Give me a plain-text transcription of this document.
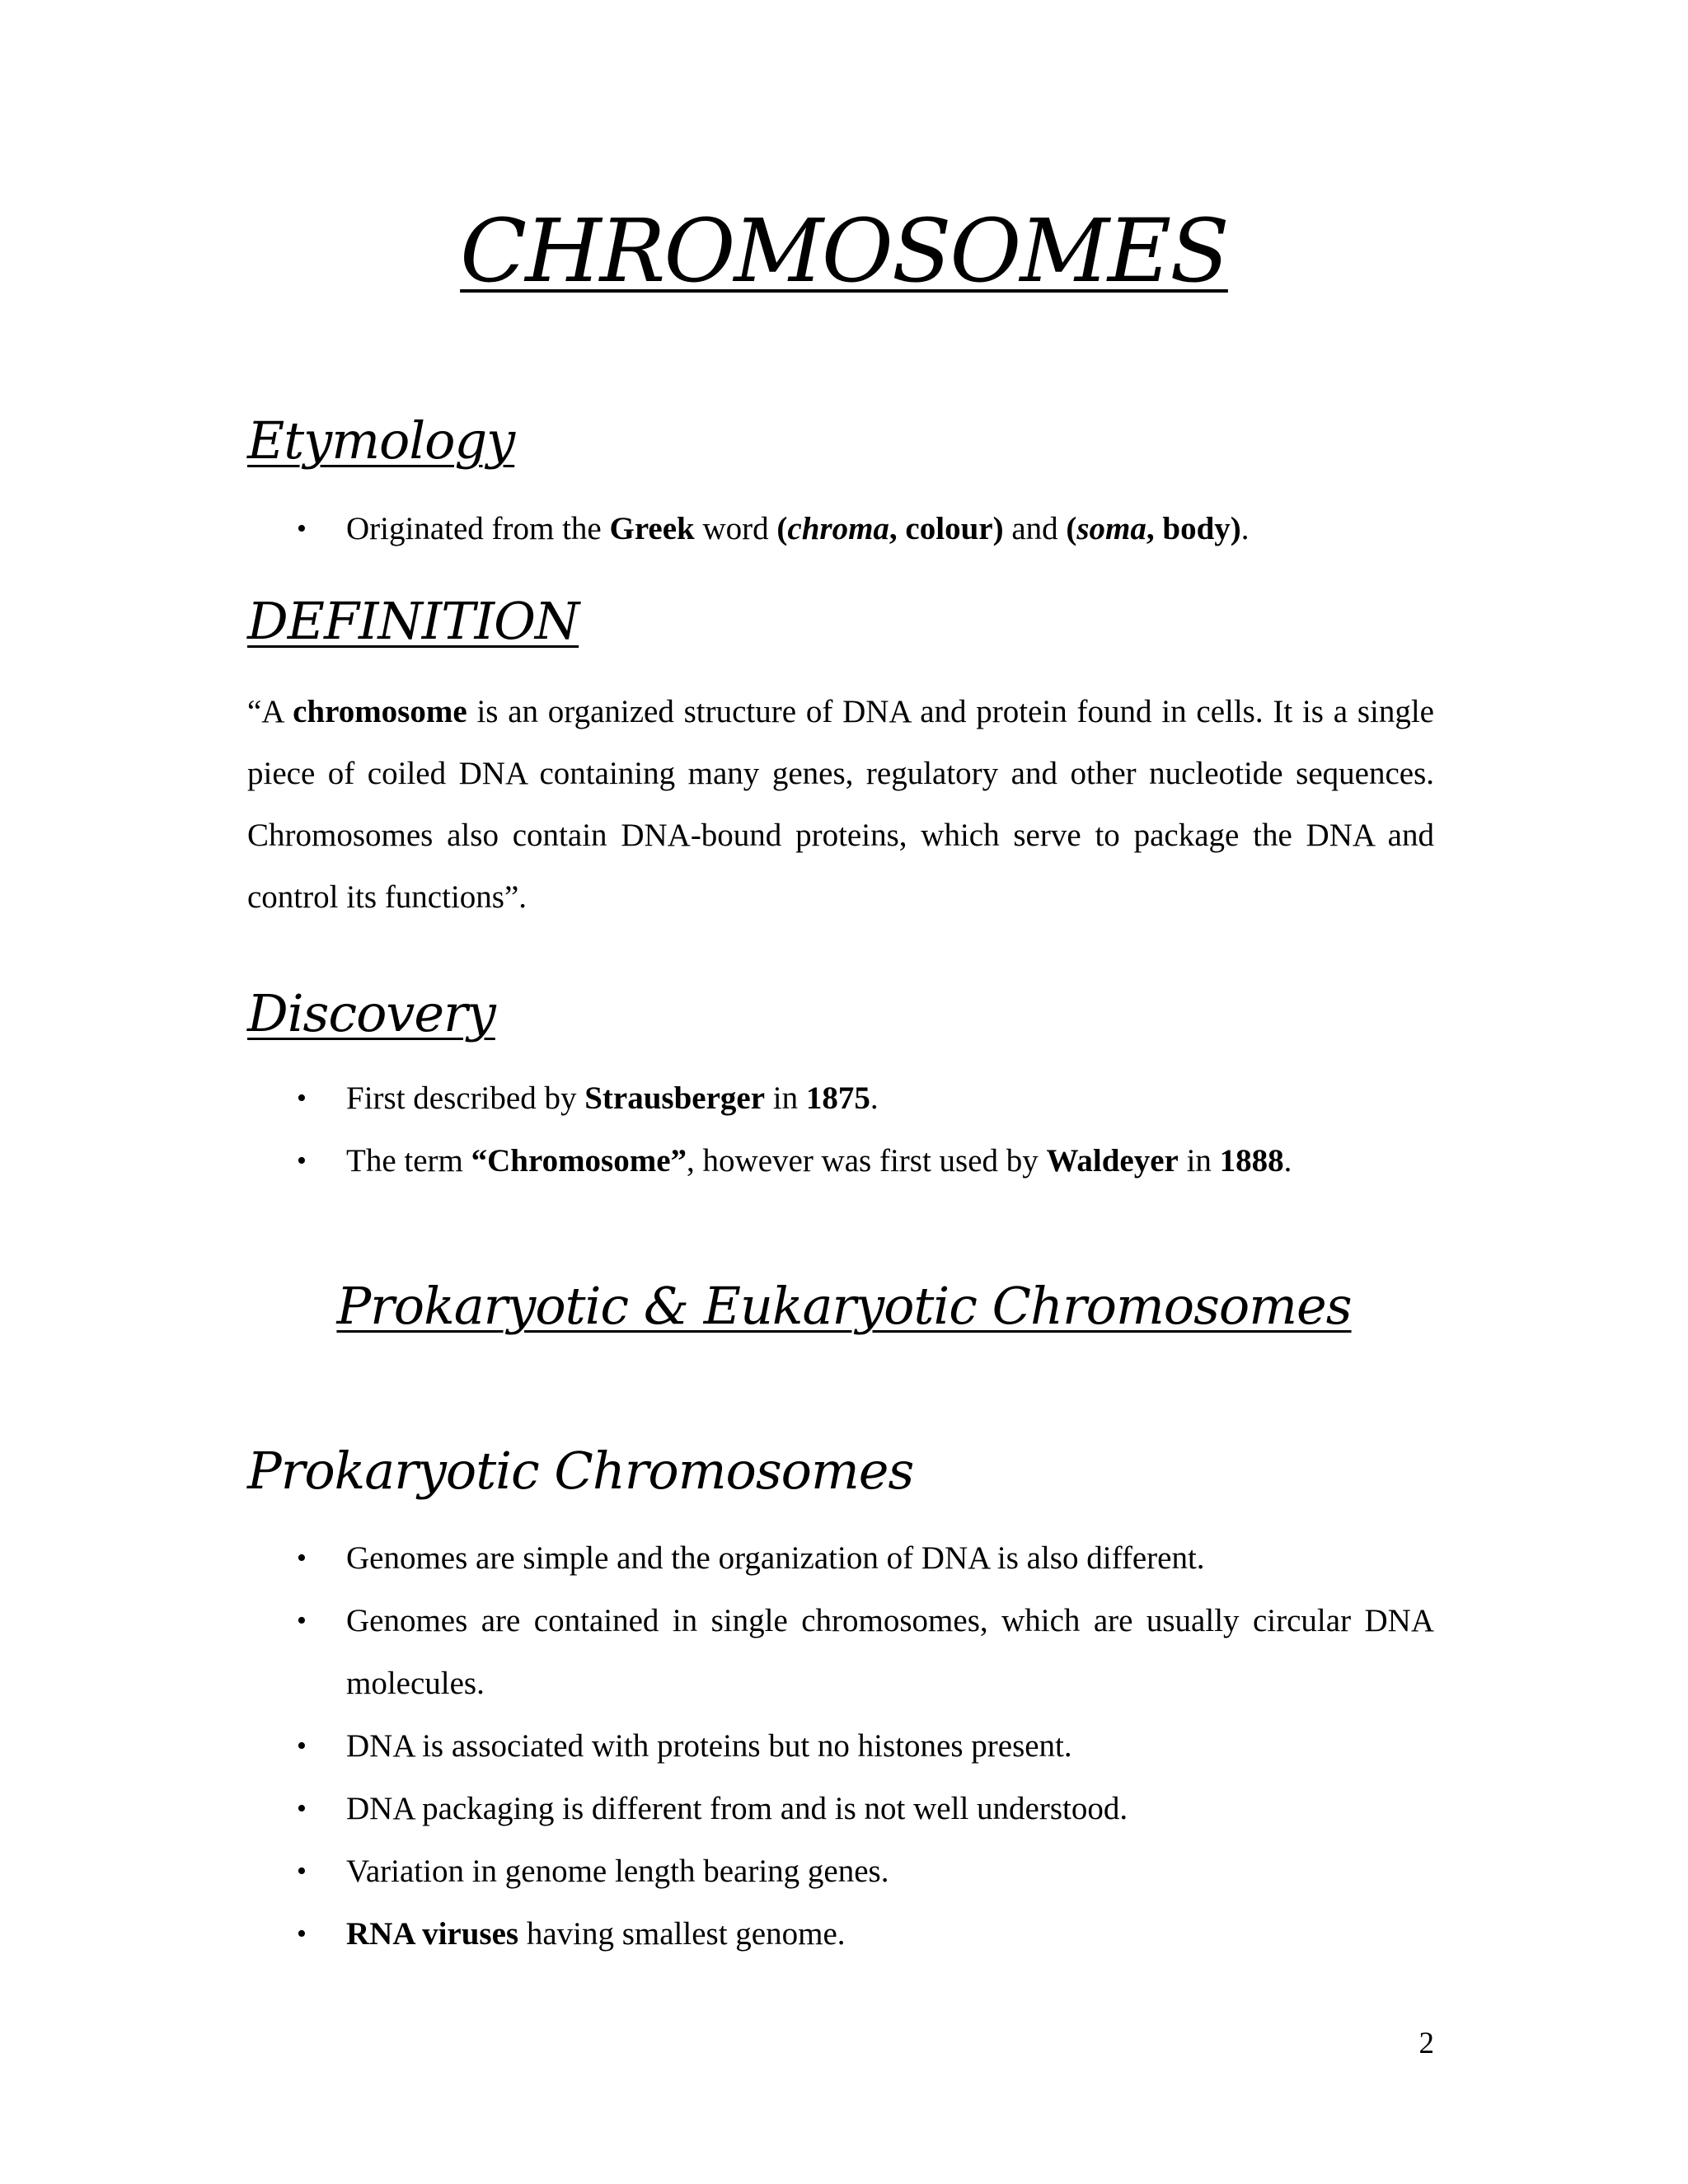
CHROMOSOMES
Etymology
•	Originated from the Greek word (chroma, colour) and (soma, body).
DEFINITION

“A chromosome is an organized structure of DNA and protein found in cells. It is a single piece of coiled DNA containing many genes, regulatory and other nucleotide sequences. Chromosomes also contain DNA-bound proteins, which serve to package the DNA and control its functions”.

Discovery
•	First described by Strausberger in 1875.
•	The term “Chromosome”, however was first used by Waldeyer in 1888.
Prokaryotic & Eukaryotic Chromosomes
Prokaryotic Chromosomes
•	Genomes are simple and the organization of DNA is also different.
•	Genomes are contained in single chromosomes, which are usually circular DNA molecules.
•	DNA is associated with proteins but no histones present.
•	DNA packaging is different from and is not well understood.
•	Variation in genome length bearing genes.
•	RNA viruses having smallest genome.
2
